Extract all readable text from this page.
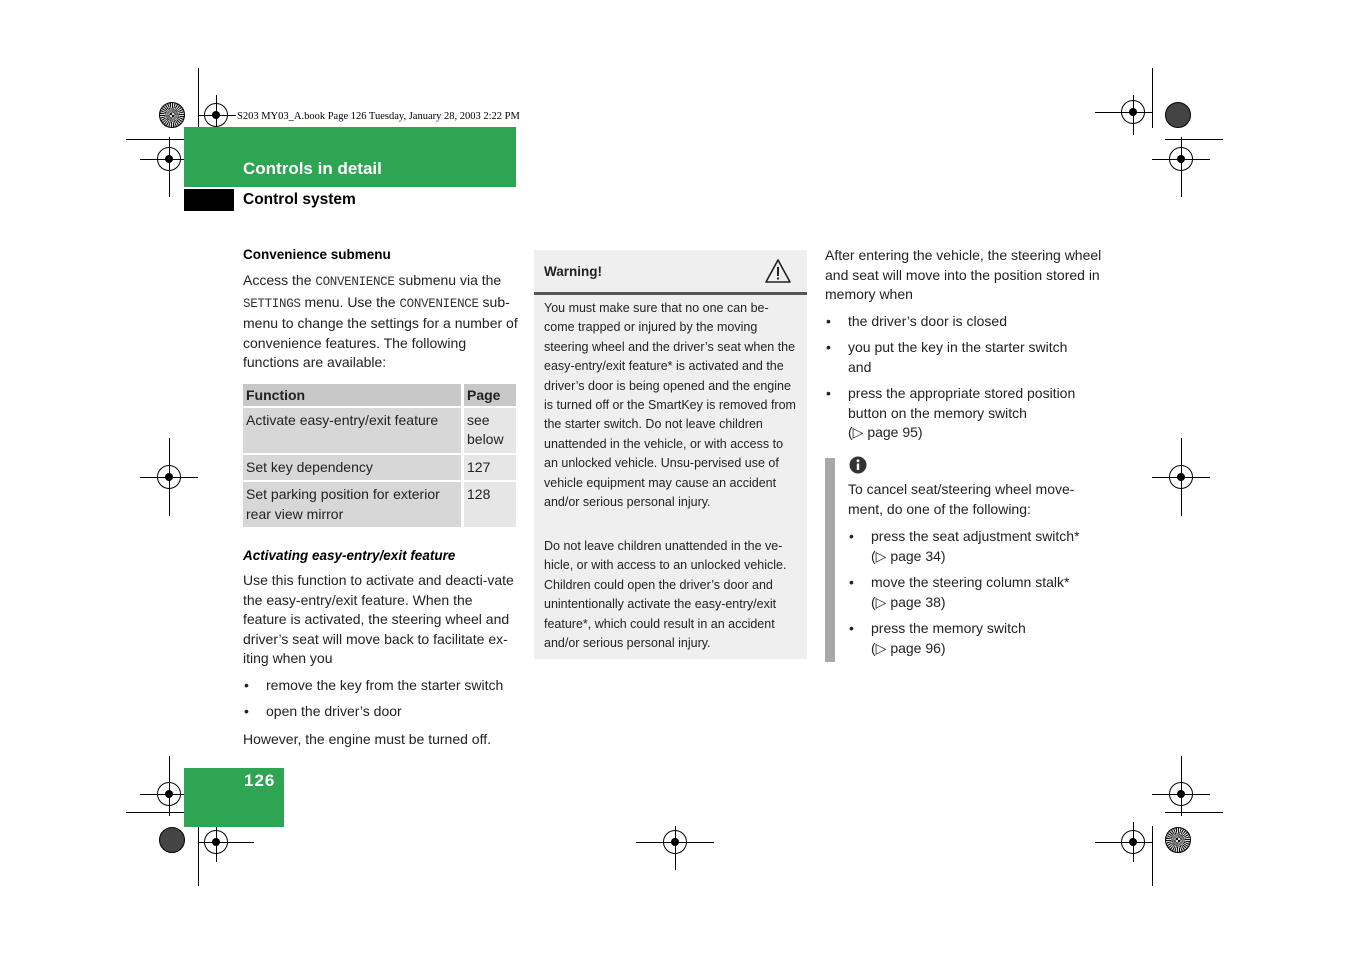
S203 MY03_A.book Page 126 Tuesday, January 28, 2003 2:22 PM
Controls in detail
Control system

Convenience submenu

Access the CONVENIENCE submenu via the SETTINGS menu. Use the CONVENIENCE sub-menu to change the settings for a number of convenience features. The following functions are available:

Function	Page
Activate easy-entry/exit feature	see below
Set key dependency	127
Set parking position for exterior rear view mirror	128

Activating easy-entry/exit feature

Use this function to activate and deacti-vate the easy-entry/exit feature. When the feature is activated, the steering wheel and driver’s seat will move back to facilitate ex-iting when you

• remove the key from the starter switch
• open the driver’s door

However, the engine must be turned off.

Warning!
You must make sure that no one can be-come trapped or injured by the moving steering wheel and the driver’s seat when the easy-entry/exit feature* is activated and the driver’s door is being opened and the engine is turned off or the SmartKey is removed from the starter switch. Do not leave children unattended in the vehicle, or with access to an unlocked vehicle. Unsu-pervised use of vehicle equipment may cause an accident and/or serious personal injury.
Do not leave children unattended in the ve-hicle, or with access to an unlocked vehicle. Children could open the driver’s door and unintentionally activate the easy-entry/exit feature*, which could result in an accident and/or serious personal injury.

After entering the vehicle, the steering wheel and seat will move into the position stored in memory when

• the driver’s door is closed
• you put the key in the starter switch
and
• press the appropriate stored position button on the memory switch
(▷ page 95)

To cancel seat/steering wheel move-ment, do one of the following:

• press the seat adjustment switch*
(▷ page 34)
• move the steering column stalk*
(▷ page 38)
• press the memory switch
(▷ page 96)
126
